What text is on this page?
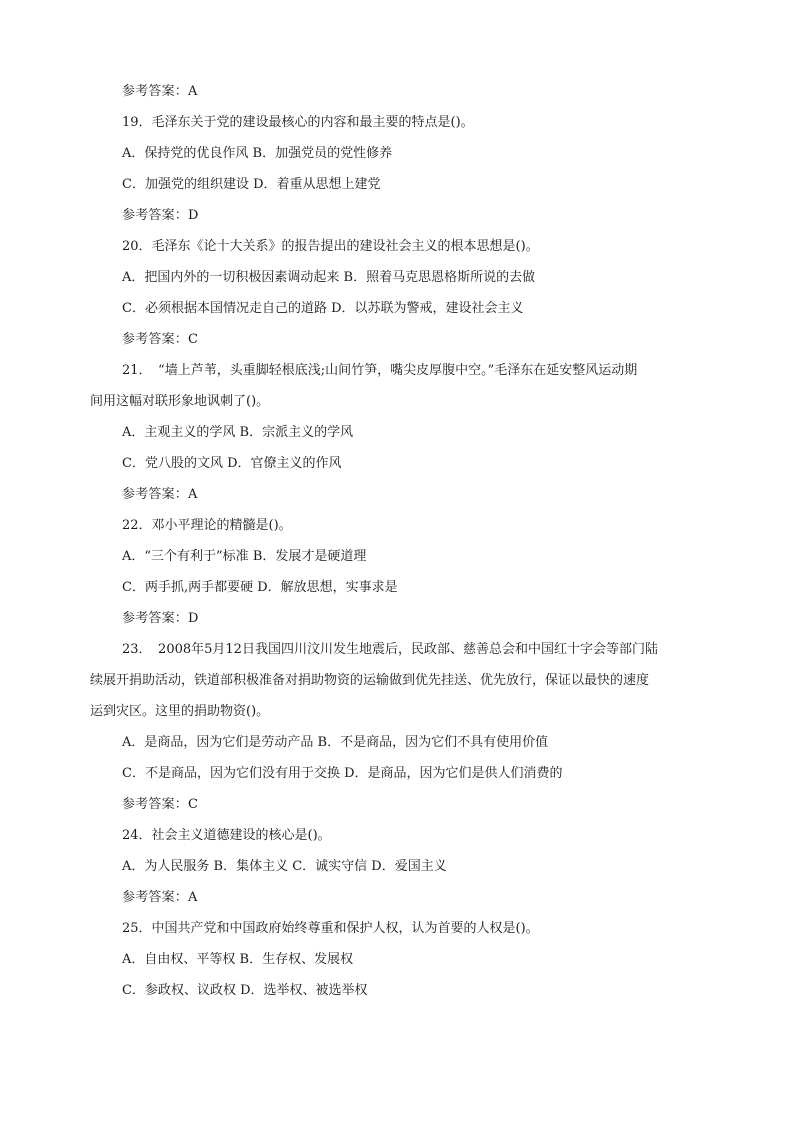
参考答案：A
19．毛泽东关于党的建设最核心的内容和最主要的特点是()。
A．保持党的优良作风 B．加强党员的党性修养
C．加强党的组织建设 D．着重从思想上建党
参考答案：D
20．毛泽东《论十大关系》的报告提出的建设社会主义的根本思想是()。
A．把国内外的一切积极因素调动起来 B．照着马克思恩格斯所说的去做
C．必须根据本国情况走自己的道路 D．以苏联为警戒，建设社会主义
参考答案：C
21．　“墙上芦苇，头重脚轻根底浅;山间竹笋，嘴尖皮厚腹中空。”毛泽东在延安整风运动期
间用这幅对联形象地讽刺了()。
A．主观主义的学风 B．宗派主义的学风
C．党八股的文风 D．官僚主义的作风
参考答案：A
22．邓小平理论的精髓是()。
A．“三个有利于”标准 B．发展才是硬道理
C．两手抓,两手都要硬 D．解放思想，实事求是
参考答案：D
23．　2008年5月12日我国四川汶川发生地震后，民政部、慈善总会和中国红十字会等部门陆
续展开捐助活动，铁道部积极准备对捐助物资的运输做到优先挂送、优先放行，保证以最快的速度
运到灾区。这里的捐助物资()。
A．是商品，因为它们是劳动产品 B．不是商品，因为它们不具有使用价值
C．不是商品，因为它们没有用于交换 D．是商品，因为它们是供人们消费的
参考答案：C
24．社会主义道德建设的核心是()。
A．为人民服务 B．集体主义 C．诚实守信 D．爱国主义
参考答案：A
25．中国共产党和中国政府始终尊重和保护人权，认为首要的人权是()。
A．自由权、平等权 B．生存权、发展权
C．参政权、议政权 D．选举权、被选举权
